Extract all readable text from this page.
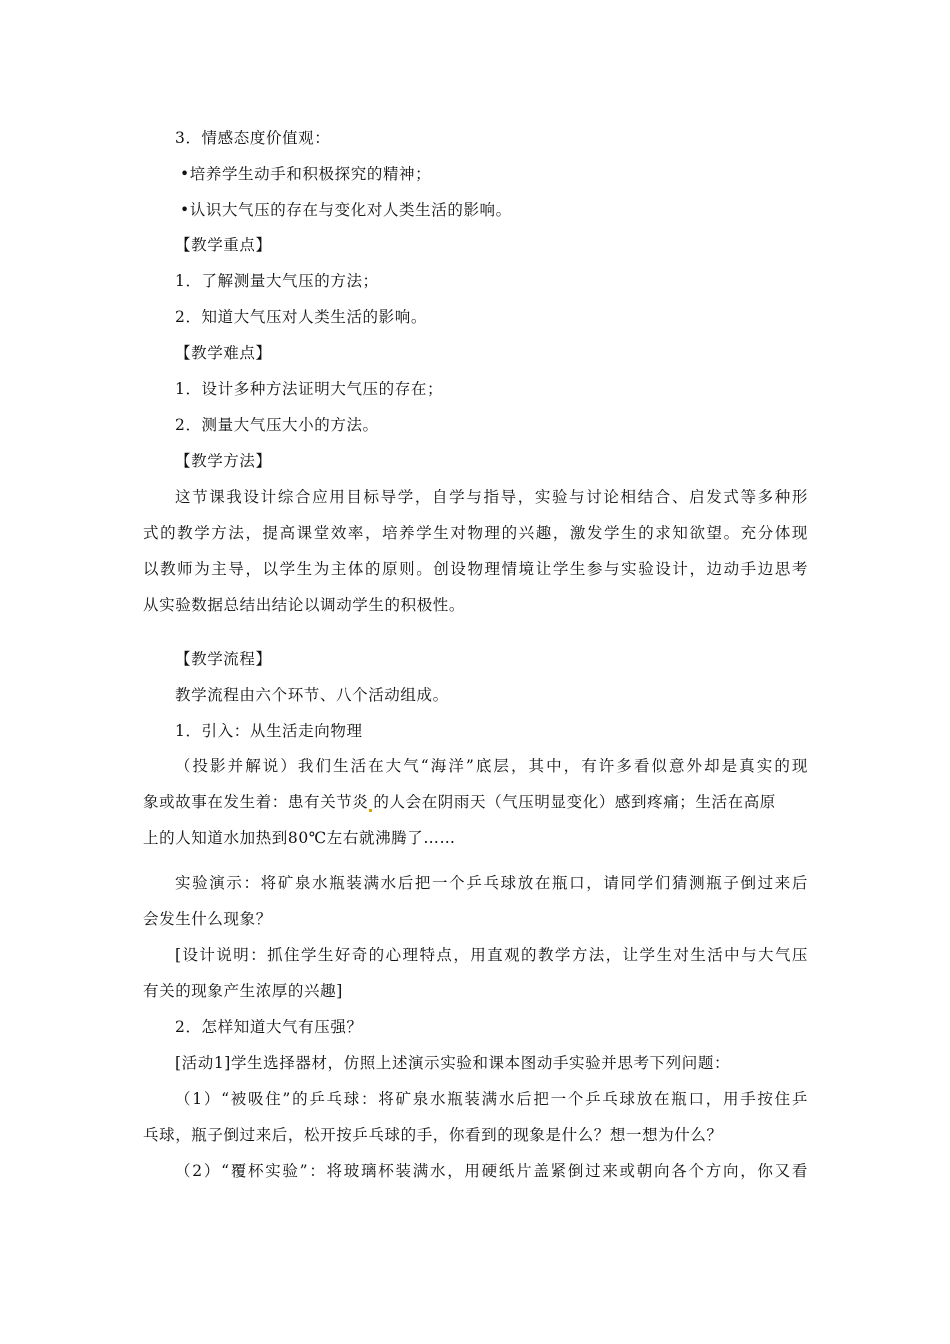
3．情感态度价值观：
•培养学生动手和积极探究的精神；
•认识大气压的存在与变化对人类生活的影响。
【教学重点】
1．了解测量大气压的方法；
2．知道大气压对人类生活的影响。
【教学难点】
1．设计多种方法证明大气压的存在；
2．测量大气压大小的方法。
【教学方法】
这节课我设计综合应用目标导学，自学与指导，实验与讨论相结合、启发式等多种形
式的教学方法，提高课堂效率，培养学生对物理的兴趣，激发学生的求知欲望。充分体现
以教师为主导，以学生为主体的原则。创设物理情境让学生参与实验设计，边动手边思考
从实验数据总结出结论以调动学生的积极性。
【教学流程】
教学流程由六个环节、八个活动组成。
1．引入：从生活走向物理
（投影并解说）我们生活在大气“海洋”底层，其中，有许多看似意外却是真实的现
象或故事在发生着：患有关节炎 的人会在阴雨天（气压明显变化）感到疼痛；生活在高原
上的人知道水加热到80℃左右就沸腾了……
实验演示：将矿泉水瓶装满水后把一个乒乓球放在瓶口，请同学们猜测瓶子倒过来后
会发生什么现象？
[设计说明：抓住学生好奇的心理特点，用直观的教学方法，让学生对生活中与大气压
有关的现象产生浓厚的兴趣]
2．怎样知道大气有压强？
[活动1]学生选择器材，仿照上述演示实验和课本图动手实验并思考下列问题：
（1）“被吸住”的乒乓球：将矿泉水瓶装满水后把一个乒乓球放在瓶口，用手按住乒
乓球，瓶子倒过来后，松开按乒乓球的手，你看到的现象是什么？想一想为什么？
（2）“覆杯实验”：将玻璃杯装满水，用硬纸片盖紧倒过来或朝向各个方向，你又看
